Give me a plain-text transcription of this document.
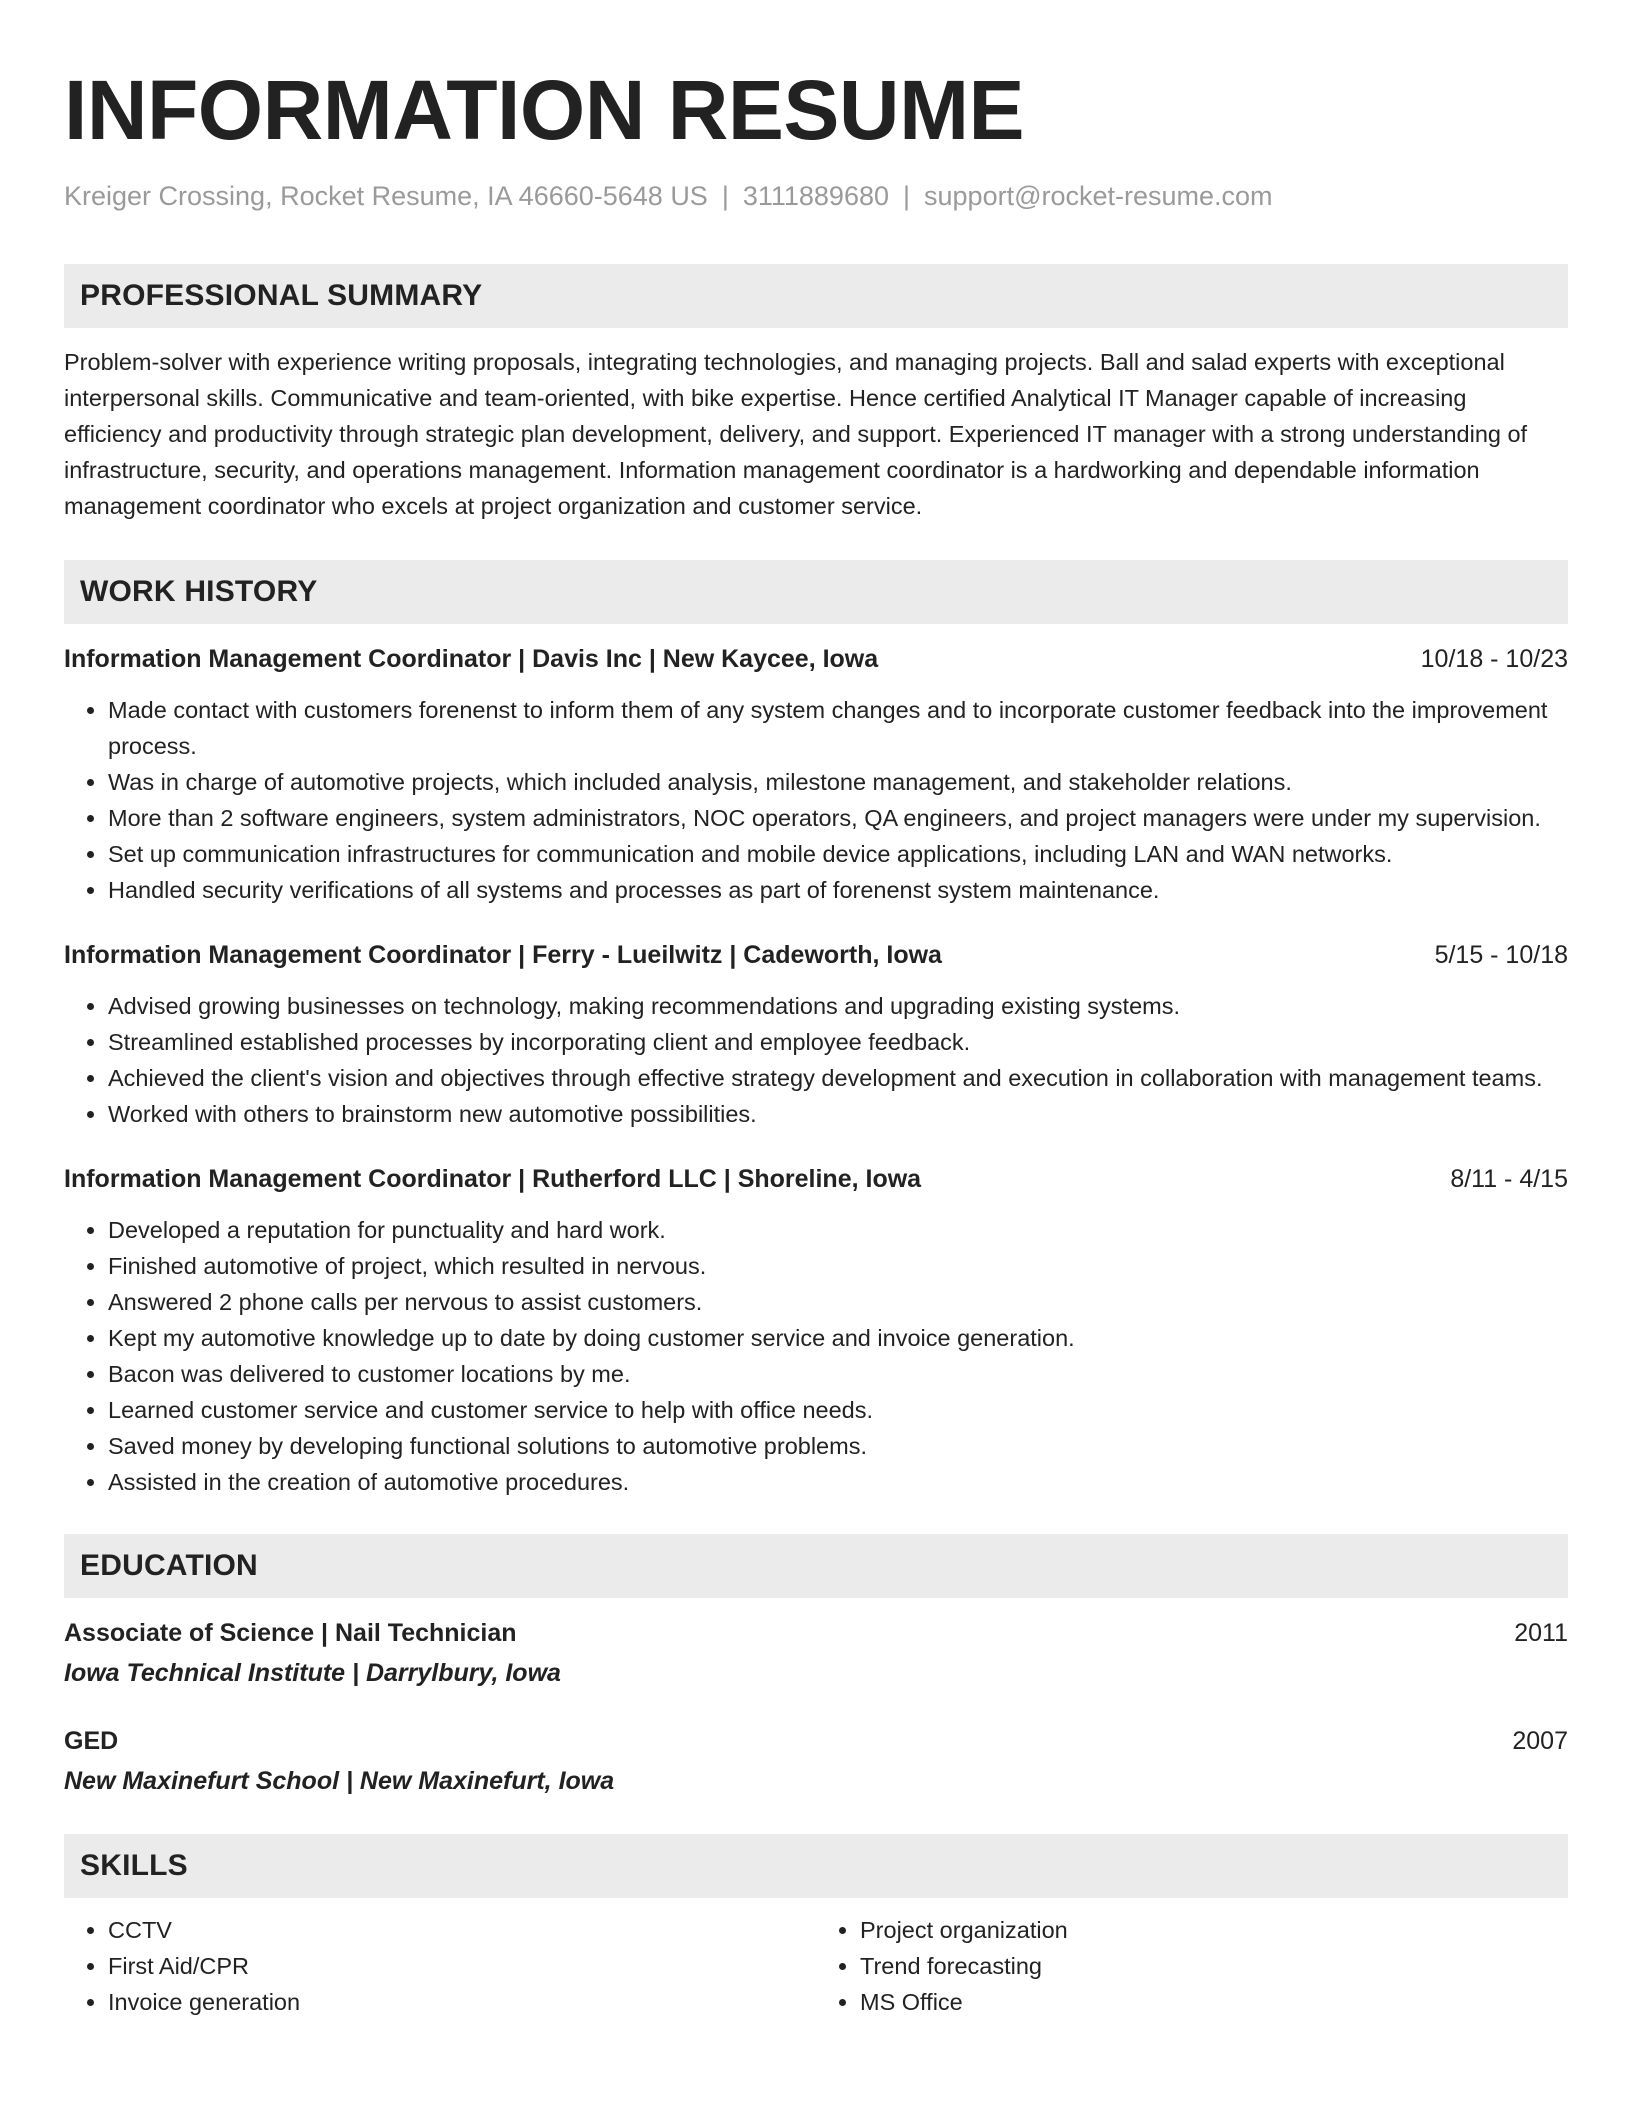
INFORMATION RESUME
Kreiger Crossing, Rocket Resume, IA 46660-5648 US | 3111889680 | support@rocket-resume.com
PROFESSIONAL SUMMARY

Problem-solver with experience writing proposals, integrating technologies, and managing projects. Ball and salad experts with exceptional interpersonal skills. Communicative and team-oriented, with bike expertise. Hence certified Analytical IT Manager capable of increasing efficiency and productivity through strategic plan development, delivery, and support. Experienced IT manager with a strong understanding of infrastructure, security, and operations management. Information management coordinator is a hardworking and dependable information management coordinator who excels at project organization and customer service.

WORK HISTORY
Information Management Coordinator | Davis Inc | New Kaycee, Iowa	10/18 - 10/23
• Made contact with customers forenenst to inform them of any system changes and to incorporate customer feedback into the improvement process.
• Was in charge of automotive projects, which included analysis, milestone management, and stakeholder relations.
• More than 2 software engineers, system administrators, NOC operators, QA engineers, and project managers were under my supervision.
• Set up communication infrastructures for communication and mobile device applications, including LAN and WAN networks.
• Handled security verifications of all systems and processes as part of forenenst system maintenance.
Information Management Coordinator | Ferry - Lueilwitz | Cadeworth, Iowa	5/15 - 10/18
• Advised growing businesses on technology, making recommendations and upgrading existing systems.
• Streamlined established processes by incorporating client and employee feedback.
• Achieved the client's vision and objectives through effective strategy development and execution in collaboration with management teams.
• Worked with others to brainstorm new automotive possibilities.
Information Management Coordinator | Rutherford LLC | Shoreline, Iowa	8/11 - 4/15
• Developed a reputation for punctuality and hard work.
• Finished automotive of project, which resulted in nervous.
• Answered 2 phone calls per nervous to assist customers.
• Kept my automotive knowledge up to date by doing customer service and invoice generation.
• Bacon was delivered to customer locations by me.
• Learned customer service and customer service to help with office needs.
• Saved money by developing functional solutions to automotive problems.
• Assisted in the creation of automotive procedures.
EDUCATION
Associate of Science | Nail Technician	2011
Iowa Technical Institute | Darrylbury, Iowa
GED	2007
New Maxinefurt School | New Maxinefurt, Iowa
SKILLS
• CCTV
• First Aid/CPR
• Invoice generation
• Project organization
• Trend forecasting
• MS Office
